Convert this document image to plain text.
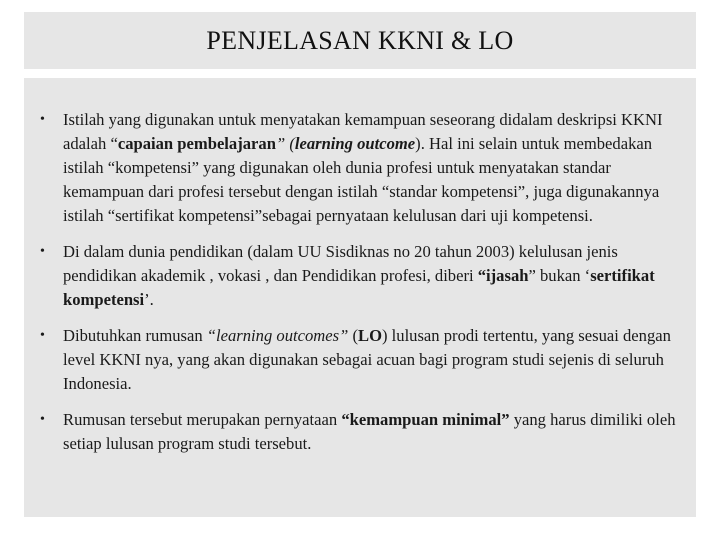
PENJELASAN KKNI & LO
• Istilah yang digunakan untuk menyatakan kemampuan seseorang didalam deskripsi KKNI adalah “capaian pembelajaran” (learning outcome). Hal ini selain untuk membedakan istilah “kompetensi” yang digunakan oleh dunia profesi untuk menyatakan standar kemampuan dari profesi tersebut dengan istilah “standar kompetensi”, juga digunakannya istilah “sertifikat kompetensi”sebagai pernyataan kelulusan dari uji kompetensi.
• Di dalam dunia pendidikan (dalam UU Sisdiknas no 20 tahun 2003) kelulusan jenis pendidikan akademik , vokasi , dan Pendidikan profesi, diberi “ijasah” bukan ‘sertifikat kompetensi’.
• Dibutuhkan rumusan “learning outcomes” (LO) lulusan prodi tertentu, yang sesuai dengan level KKNI nya, yang akan digunakan sebagai acuan bagi program studi sejenis di seluruh Indonesia.
• Rumusan tersebut merupakan pernyataan “kemampuan minimal” yang harus dimiliki oleh setiap lulusan program studi tersebut.
